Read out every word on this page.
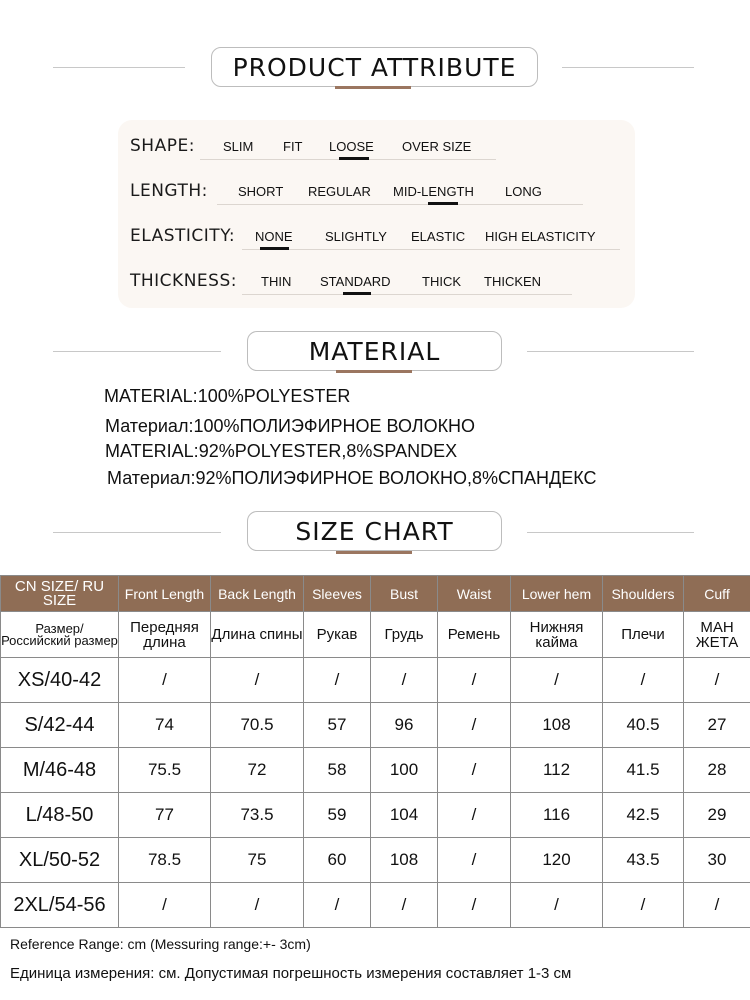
PRODUCT ATTRIBUTE
SHAPE: SLIM FIT LOOSE OVER SIZE
LENGTH: SHORT REGULAR MID-LENGTH LONG
ELASTICITY: NONE SLIGHTLY ELASTIC HIGH ELASTICITY
THICKNESS: THIN STANDARD THICK THICKEN
MATERIAL
MATERIAL:100%POLYESTER
Материал:100%ПОЛИЭФИРНОЕ ВОЛОКНО
MATERIAL:92%POLYESTER,8%SPANDEX
Материал:92%ПОЛИЭФИРНОЕ ВОЛОКНО,8%СПАНДЕКС
SIZE CHART
CN SIZE/ RU SIZE	Front Length	Back Length	Sleeves	Bust	Waist	Lower hem	Shoulders	Cuff
Размер/ Российский размер	Передняя длина	Длина спины	Рукав	Грудь	Ремень	Нижняя кайма	Плечи	МАН ЖЕТА
XS/40-42	/	/	/	/	/	/	/	/
S/42-44	74	70.5	57	96	/	108	40.5	27
M/46-48	75.5	72	58	100	/	112	41.5	28
L/48-50	77	73.5	59	104	/	116	42.5	29
XL/50-52	78.5	75	60	108	/	120	43.5	30
2XL/54-56	/	/	/	/	/	/	/	/
Reference Range: cm (Messuring range:+- 3cm)
Единица измерения: см. Допустимая погрешность измерения составляет 1-3 см
